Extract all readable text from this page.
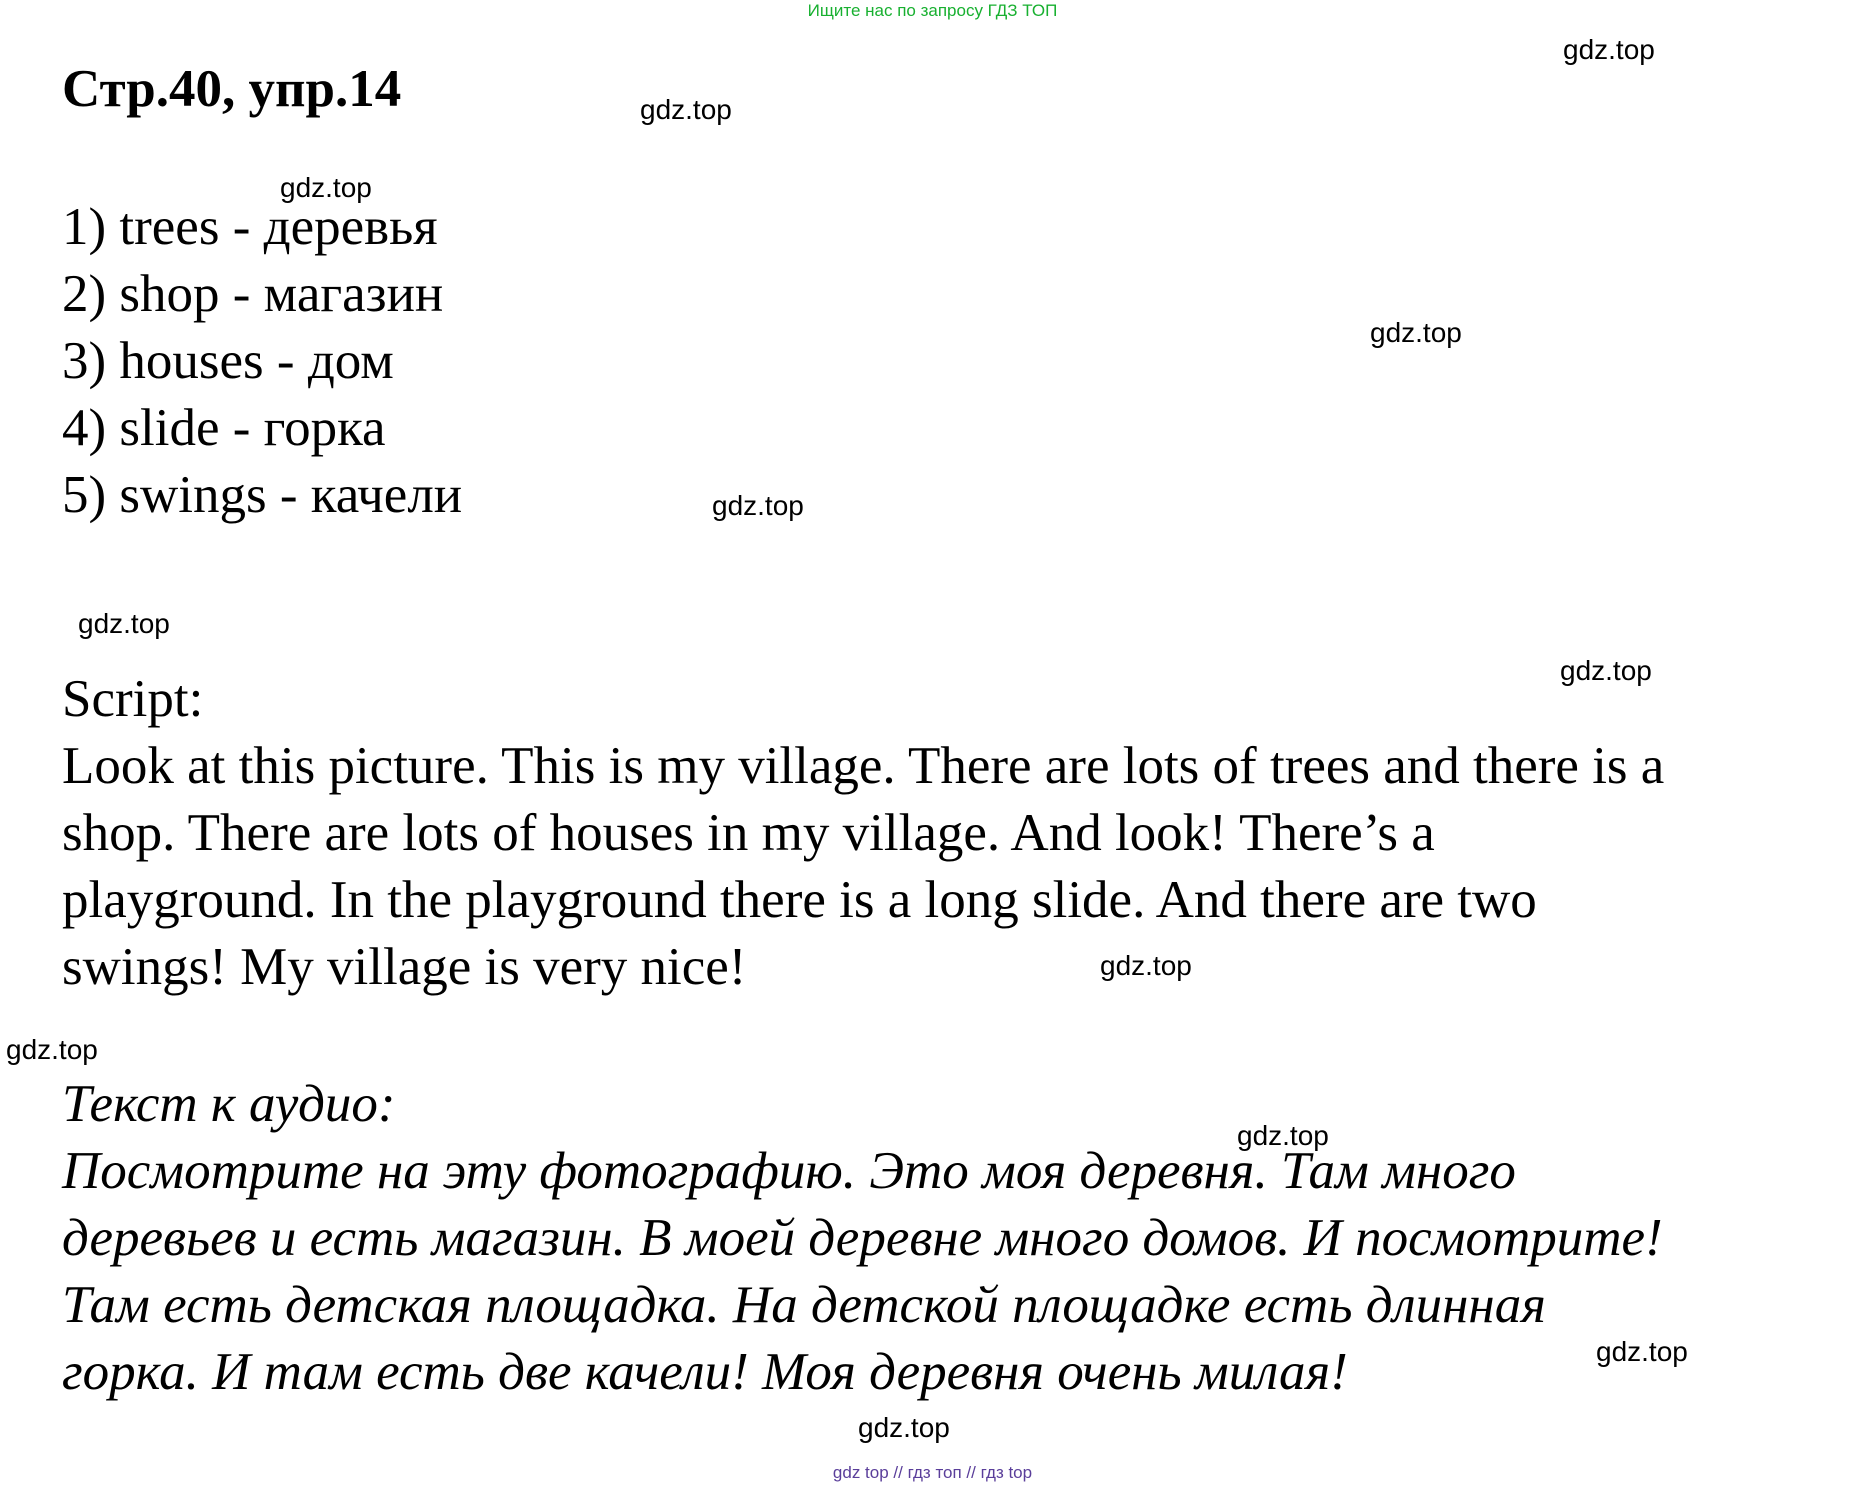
Ищите нас по запросу ГДЗ ТОП
Стр.40, упр.14
1) trees - деревья
2) shop - магазин
3) houses - дом
4) slide - горка
5) swings - качели
Script:
Look at this picture. This is my village. There are lots of trees and there is a
shop. There are lots of houses in my village. And look! There’s a
playground. In the playground there is a long slide. And there are two
swings! My village is very nice!
Текст к аудио:
Посмотрите на эту фотографию. Это моя деревня. Там много
деревьев и есть магазин. В моей деревне много домов. И посмотрите!
Там есть детская площадка. На детской площадке есть длинная
горка. И там есть две качели! Моя деревня очень милая!
gdz.top
gdz.top
gdz.top
gdz.top
gdz.top
gdz.top
gdz.top
gdz.top
gdz.top
gdz.top
gdz.top
gdz.top
gdz top // гдз топ // гдз top
